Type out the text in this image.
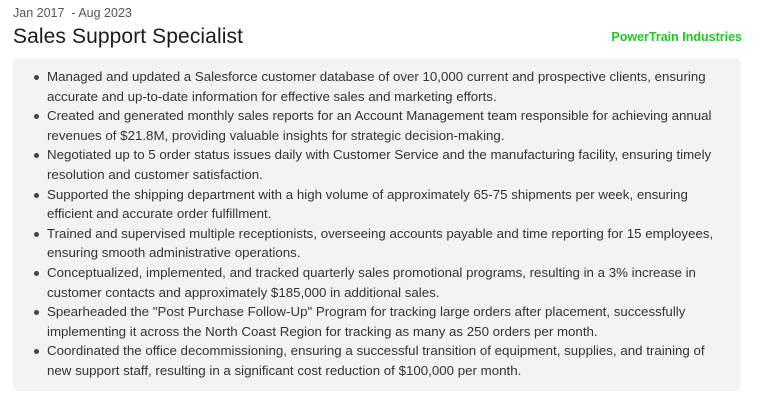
Jan 2017  - Aug 2023
Sales Support Specialist	PowerTrain Industries
Managed and updated a Salesforce customer database of over 10,000 current and prospective clients, ensuring accurate and up-to-date information for effective sales and marketing efforts.
Created and generated monthly sales reports for an Account Management team responsible for achieving annual revenues of $21.8M, providing valuable insights for strategic decision-making.
Negotiated up to 5 order status issues daily with Customer Service and the manufacturing facility, ensuring timely resolution and customer satisfaction.
Supported the shipping department with a high volume of approximately 65-75 shipments per week, ensuring efficient and accurate order fulfillment.
Trained and supervised multiple receptionists, overseeing accounts payable and time reporting for 15 employees, ensuring smooth administrative operations.
Conceptualized, implemented, and tracked quarterly sales promotional programs, resulting in a 3% increase in customer contacts and approximately $185,000 in additional sales.
Spearheaded the "Post Purchase Follow-Up" Program for tracking large orders after placement, successfully implementing it across the North Coast Region for tracking as many as 250 orders per month.
Coordinated the office decommissioning, ensuring a successful transition of equipment, supplies, and training of new support staff, resulting in a significant cost reduction of $100,000 per month.
